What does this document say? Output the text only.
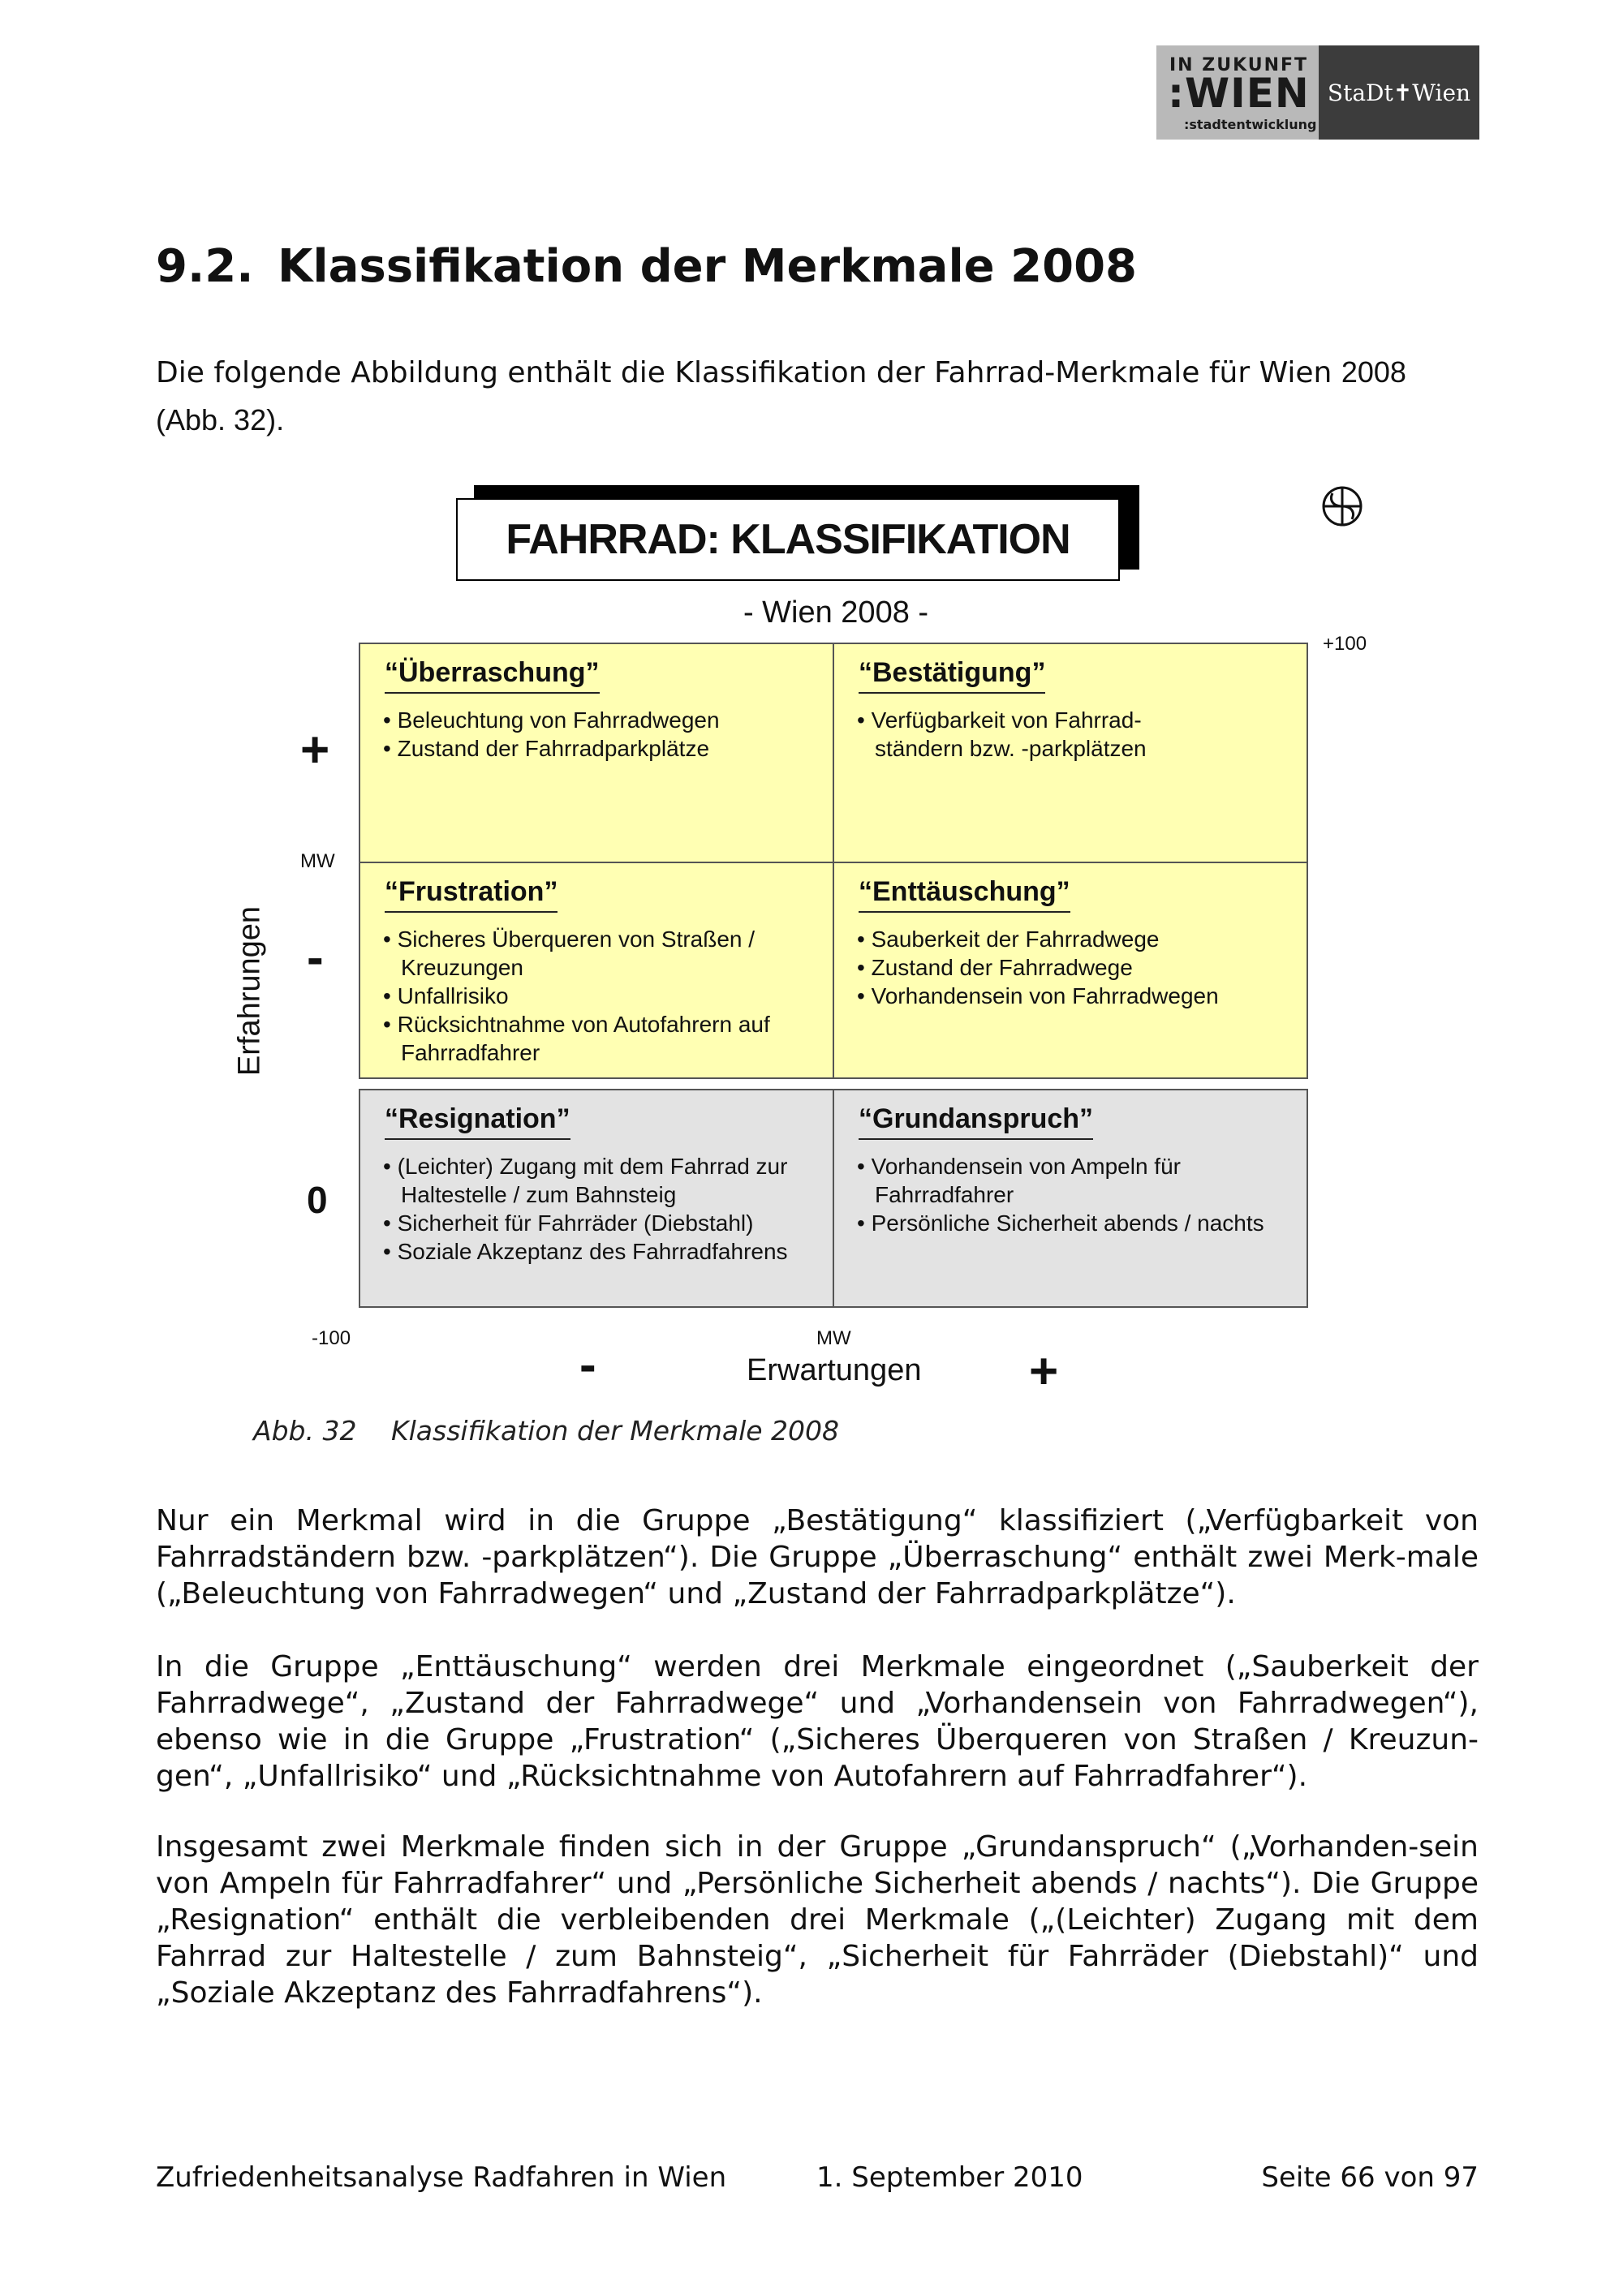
IN ZUKUNFT
:WIEN
:stadtentwicklung
StaDt✝Wien
9.2. Klassifikation der Merkmale 2008
Die folgende Abbildung enthält die Klassifikation der Fahrrad-Merkmale für Wien 2008
(Abb. 32).
FAHRRAD: KLASSIFIKATION
- Wien 2008 -
“Überraschung”
• Beleuchtung von Fahrradwegen
• Zustand der Fahrradparkplätze
“Bestätigung”
• Verfügbarkeit von Fahrrad-ständern bzw. -parkplätzen
“Frustration”
• Sicheres Überqueren von Straßen / Kreuzungen
• Unfallrisiko
• Rücksichtnahme von Autofahrern auf Fahrradfahrer
“Enttäuschung”
• Sauberkeit der Fahrradwege
• Zustand der Fahrradwege
• Vorhandensein von Fahrradwegen
“Resignation”
• (Leichter) Zugang mit dem Fahrrad zur Haltestelle / zum Bahnsteig
• Sicherheit für Fahrräder (Diebstahl)
• Soziale Akzeptanz des Fahrradfahrens
“Grundanspruch”
• Vorhandensein von Ampeln für Fahrradfahrer
• Persönliche Sicherheit abends / nachts
+100
+
MW
-
0
Erfahrungen
-100	MW
-	Erwartungen +
Abb. 32 Klassifikation der Merkmale 2008
Nur ein Merkmal wird in die Gruppe „Bestätigung“ klassifiziert („Verfügbarkeit von Fahrradständern bzw. -parkplätzen“). Die Gruppe „Überraschung“ enthält zwei Merk-male („Beleuchtung von Fahrradwegen“ und „Zustand der Fahrradparkplätze“).
In die Gruppe „Enttäuschung“ werden drei Merkmale eingeordnet („Sauberkeit der Fahrradwege“, „Zustand der Fahrradwege“ und „Vorhandensein von Fahrradwegen“), ebenso wie in die Gruppe „Frustration“ („Sicheres Überqueren von Straßen / Kreuzun-gen“, „Unfallrisiko“ und „Rücksichtnahme von Autofahrern auf Fahrradfahrer“).
Insgesamt zwei Merkmale finden sich in der Gruppe „Grundanspruch“ („Vorhanden-sein von Ampeln für Fahrradfahrer“ und „Persönliche Sicherheit abends / nachts“). Die Gruppe „Resignation“ enthält die verbleibenden drei Merkmale („(Leichter) Zugang mit dem Fahrrad zur Haltestelle / zum Bahnsteig“, „Sicherheit für Fahrräder (Diebstahl)“ und „Soziale Akzeptanz des Fahrradfahrens“).
Zufriedenheitsanalyse Radfahren in Wien	1. September 2010	Seite 66 von 97
